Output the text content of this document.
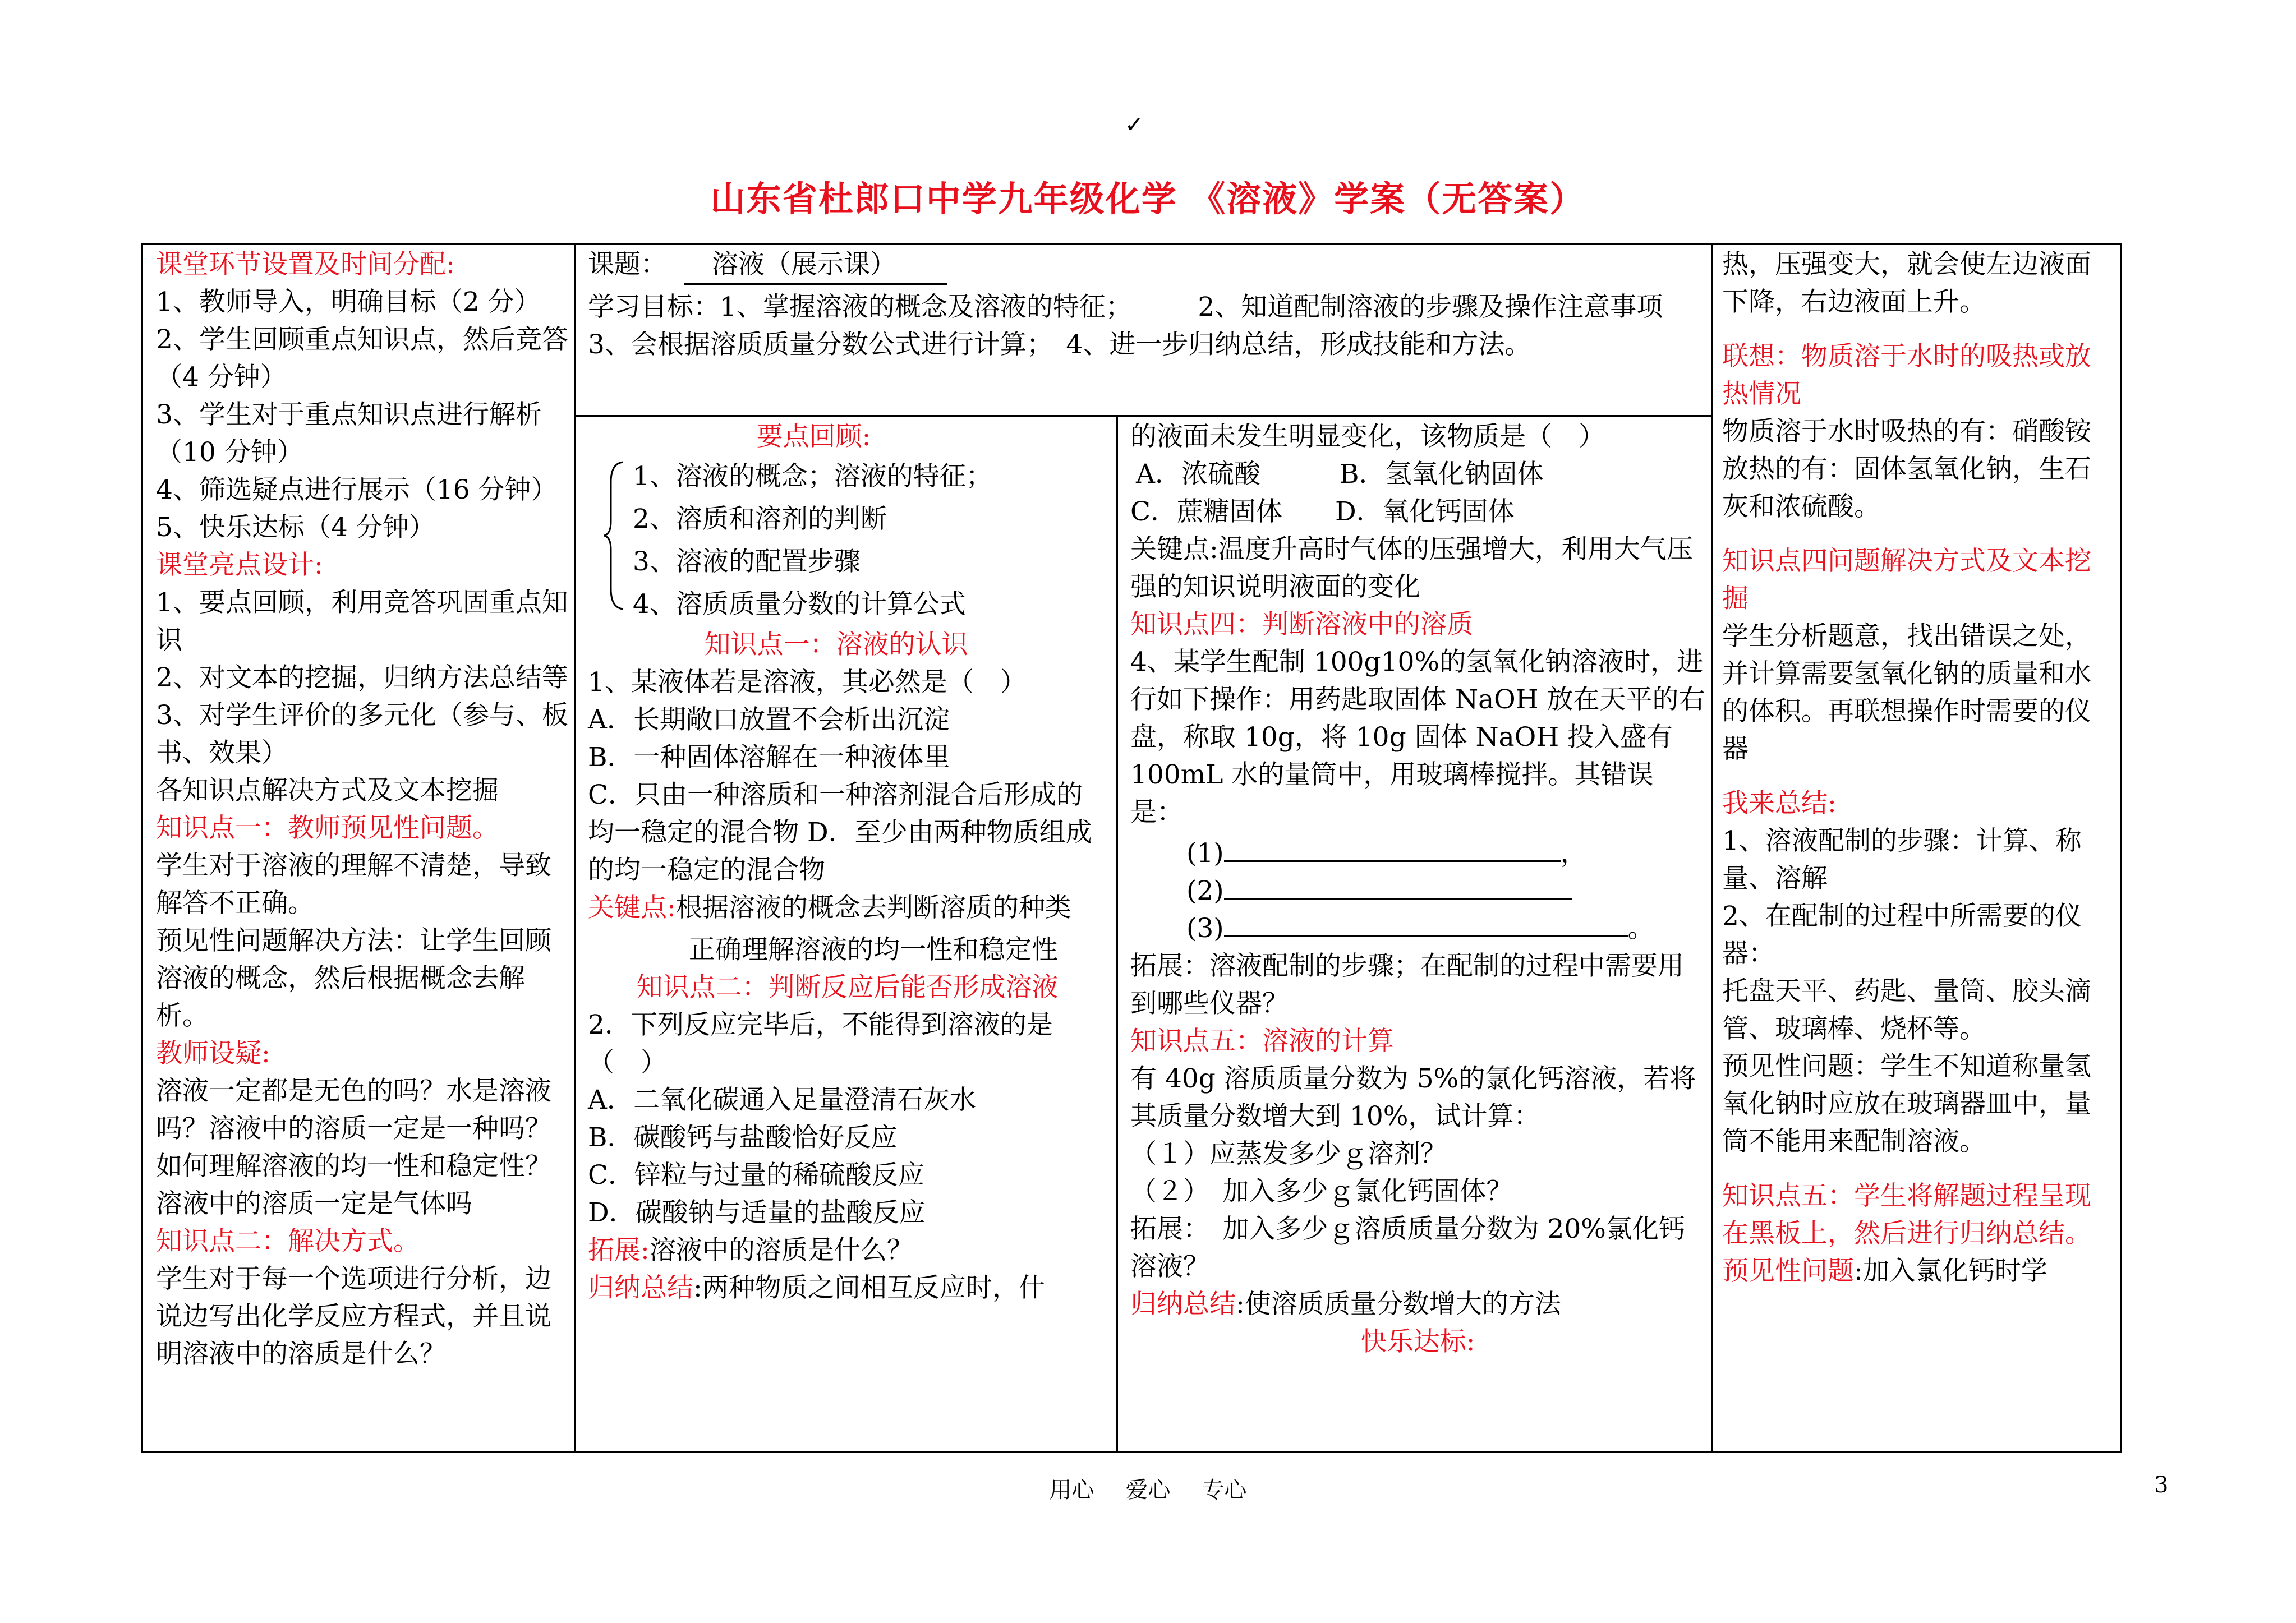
✓
山东省杜郎口中学九年级化学 《溶液》学案（无答案）

课堂环节设置及时间分配:

1、教师导入，明确目标（2 分）

2、学生回顾重点知识点，然后竞答（4 分钟）

3、学生对于重点知识点进行解析（10 分钟）

4、筛选疑点进行展示（16 分钟）

5、快乐达标（4 分钟）

课堂亮点设计:

1、要点回顾，利用竞答巩固重点知识

2、对文本的挖掘，归纳方法总结等

3、对学生评价的多元化（参与、板书、效果）

各知识点解决方式及文本挖掘

知识点一：教师预见性问题。

学生对于溶液的理解不清楚，导致解答不正确。

预见性问题解决方法：让学生回顾溶液的概念，然后根据概念去解析。

教师设疑:

溶液一定都是无色的吗？水是溶液吗？溶液中的溶质一定是一种吗？如何理解溶液的均一性和稳定性？溶液中的溶质一定是气体吗

知识点二：解决方式。

学生对于每一个选项进行分析，边说边写出化学反应方程式，并且说明溶液中的溶质是什么？

课题： 溶液（展示课）

学习目标：1、掌握溶液的概念及溶液的特征；　　　2、知道配制溶液的步骤及操作注意事项

3、会根据溶质质量分数公式进行计算；　4、进一步归纳总结，形成技能和方法。

要点回顾:

1、溶液的概念；溶液的特征；

2、溶质和溶剂的判断

3、溶液的配置步骤

4、溶质质量分数的计算公式

知识点一：溶液的认识

1、某液体若是溶液，其必然是（　）

A．长期敞口放置不会析出沉淀

B．一种固体溶解在一种液体里

C．只由一种溶质和一种溶剂混合后形成的均一稳定的混合物 D．至少由两种物质组成的均一稳定的混合物

关键点:根据溶液的概念去判断溶质的种类

正确理解溶液的均一性和稳定性

知识点二：判断反应后能否形成溶液

2．下列反应完毕后，不能得到溶液的是（　）

A．二氧化碳通入足量澄清石灰水

B．碳酸钙与盐酸恰好反应

C．锌粒与过量的稀硫酸反应

D．碳酸钠与适量的盐酸反应

拓展:溶液中的溶质是什么？

归纳总结:两种物质之间相互反应时，什

的液面未发生明显变化，该物质是（　）

A．浓硫酸　　　B．氢氧化钠固体

C．蔗糖固体　　D．氧化钙固体

关键点:温度升高时气体的压强增大，利用大气压强的知识说明液面的变化

知识点四：判断溶液中的溶质

4、某学生配制 100g10%的氢氧化钠溶液时，进行如下操作：用药匙取固体 NaOH 放在天平的右盘，称取 10g，将 10g 固体 NaOH 投入盛有 100mL 水的量筒中，用玻璃棒搅拌。其错误是：

(1)	，

(2)

(3)	。

拓展：溶液配制的步骤；在配制的过程中需要用到哪些仪器？

知识点五：溶液的计算

有 40g 溶质质量分数为 5%的氯化钙溶液，若将其质量分数增大到 10%，试计算：

（１）应蒸发多少ｇ溶剂？

（２）　加入多少ｇ氯化钙固体？

拓展：　加入多少ｇ溶质质量分数为 20%氯化钙溶液？

归纳总结:使溶质质量分数增大的方法

快乐达标:

热，压强变大，就会使左边液面下降，右边液面上升。

联想：物质溶于水时的吸热或放热情况

物质溶于水时吸热的有：硝酸铵

放热的有：固体氢氧化钠，生石灰和浓硫酸。

知识点四问题解决方式及文本挖掘

学生分析题意，找出错误之处，并计算需要氢氧化钠的质量和水的体积。再联想操作时需要的仪器

我来总结:

1、溶液配制的步骤：计算、称量、溶解

2、在配制的过程中所需要的仪器：

托盘天平、药匙、量筒、胶头滴管、玻璃棒、烧杯等。

预见性问题：学生不知道称量氢氧化钠时应放在玻璃器皿中，量筒不能用来配制溶液。

知识点五：学生将解题过程呈现在黑板上，然后进行归纳总结。

预见性问题:加入氯化钙时学

用心 爱心 专心	3
